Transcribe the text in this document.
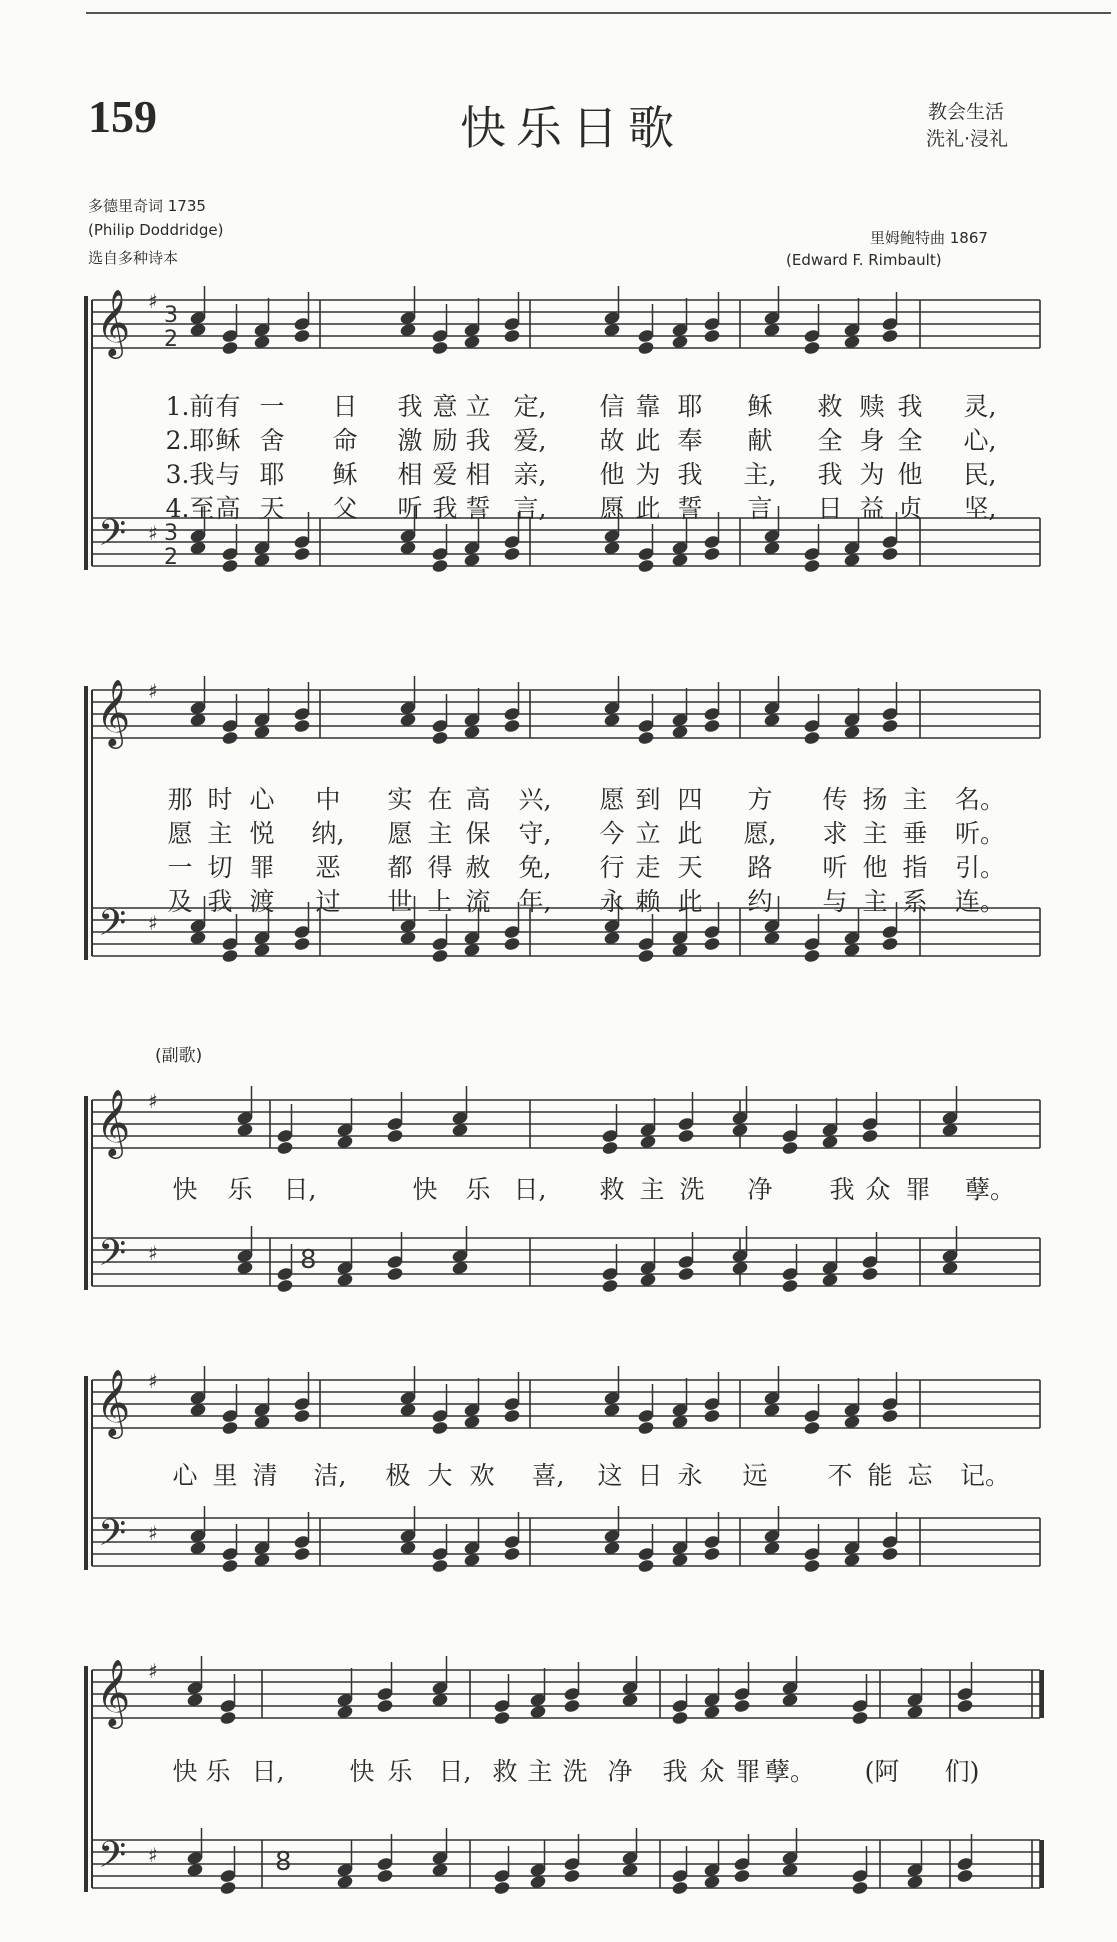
159	快乐日歌	教会生活
洗礼·浸礼
多德里奇词 1735
(Philip Doddridge)
选自多种诗本
里姆鲍特曲 1867
(Edward F. Rimbault)
(副歌)
𝄞
𝄢
♯
♯
3
2
3
2
𝄞
𝄢
♯
♯
𝄞
𝄢
♯
♯	8
𝄞
𝄢
♯
♯
𝄞
𝄢
♯
♯	8
1.前 有 一 日 我 意 立 定, 信 靠 耶 稣 救 赎 我 灵,
2.耶 稣 舍 命 激 励 我 爱, 故 此 奉 献 全 身 全 心,
3.我 与 耶 稣 相 爱 相 亲, 他 为 我 主, 我 为 他 民,
4.至 高 天 父 听 我 誓 言, 愿 此 誓 言 日 益 贞 坚,
那 时 心 中 实 在 高 兴, 愿 到 四 方 传 扬 主 名。
愿 主 悦 纳, 愿 主 保 守, 今 立 此 愿, 求 主 垂 听。
一 切 罪 恶 都 得 赦 免, 行 走 天 路 听 他 指 引。
及 我 渡 过 世 上 流 年, 永 赖 此 约 与 主 系 连。
快 乐 日,	快 乐 日, 救 主 洗 净 我 众 罪 孽。
心 里 清 洁, 极 大 欢 喜, 这 日 永 远 不 能 忘 记。
快 乐 日,	快 乐 日, 救 主 洗 净 我 众 罪 孽。 (阿 们)
